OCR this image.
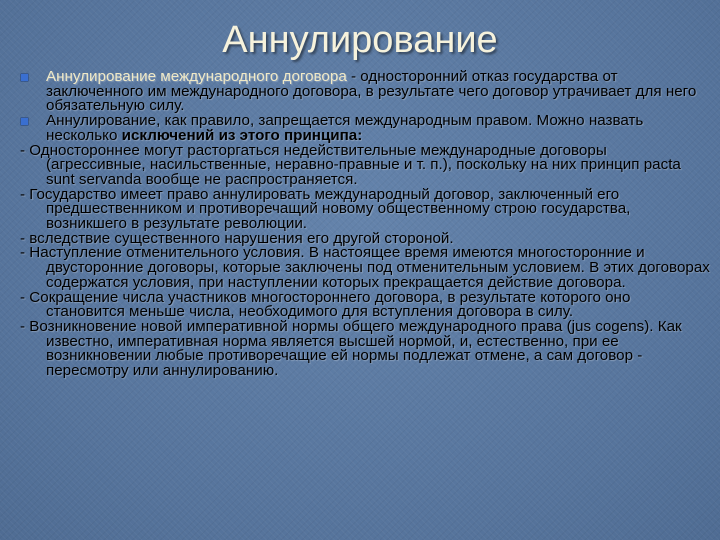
Аннулирование
Аннулирование международного договора - односторонний отказ государства от заключенного им международного договора, в результате чего договор утрачивает для него обязательную силу.
Аннулирование, как правило, запрещается международным правом. Можно назвать несколько исключений из этого принципа:
- Одностороннее могут расторгаться недействительные международные договоры (агрессивные, насильственные, неравно-правные и т. п.), поскольку на них принцип pacta sunt servanda вообще не распространяется.
- Государство имеет право аннулировать международный договор, заключенный его предшественником и противоречащий новому общественному строю государства, возникшего в результате революции.
- вследствие существенного нарушения его другой стороной.
- Наступление отменительного условия. В настоящее время имеются многосторонние и двусторонние договоры, которые заключены под отменительным условием. В этих договорах содержатся условия, при наступлении которых прекращается действие договора.
- Сокращение числа участников многостороннего договора, в результате которого оно становится меньше числа, необходимого для вступления договора в силу.
- Возникновение новой императивной нормы общего международного права (jus cogens). Как известно, императивная норма является высшей нормой, и, естественно, при ее возникновении любые противоречащие ей нормы подлежат отмене, а сам договор - пересмотру или аннулированию.
